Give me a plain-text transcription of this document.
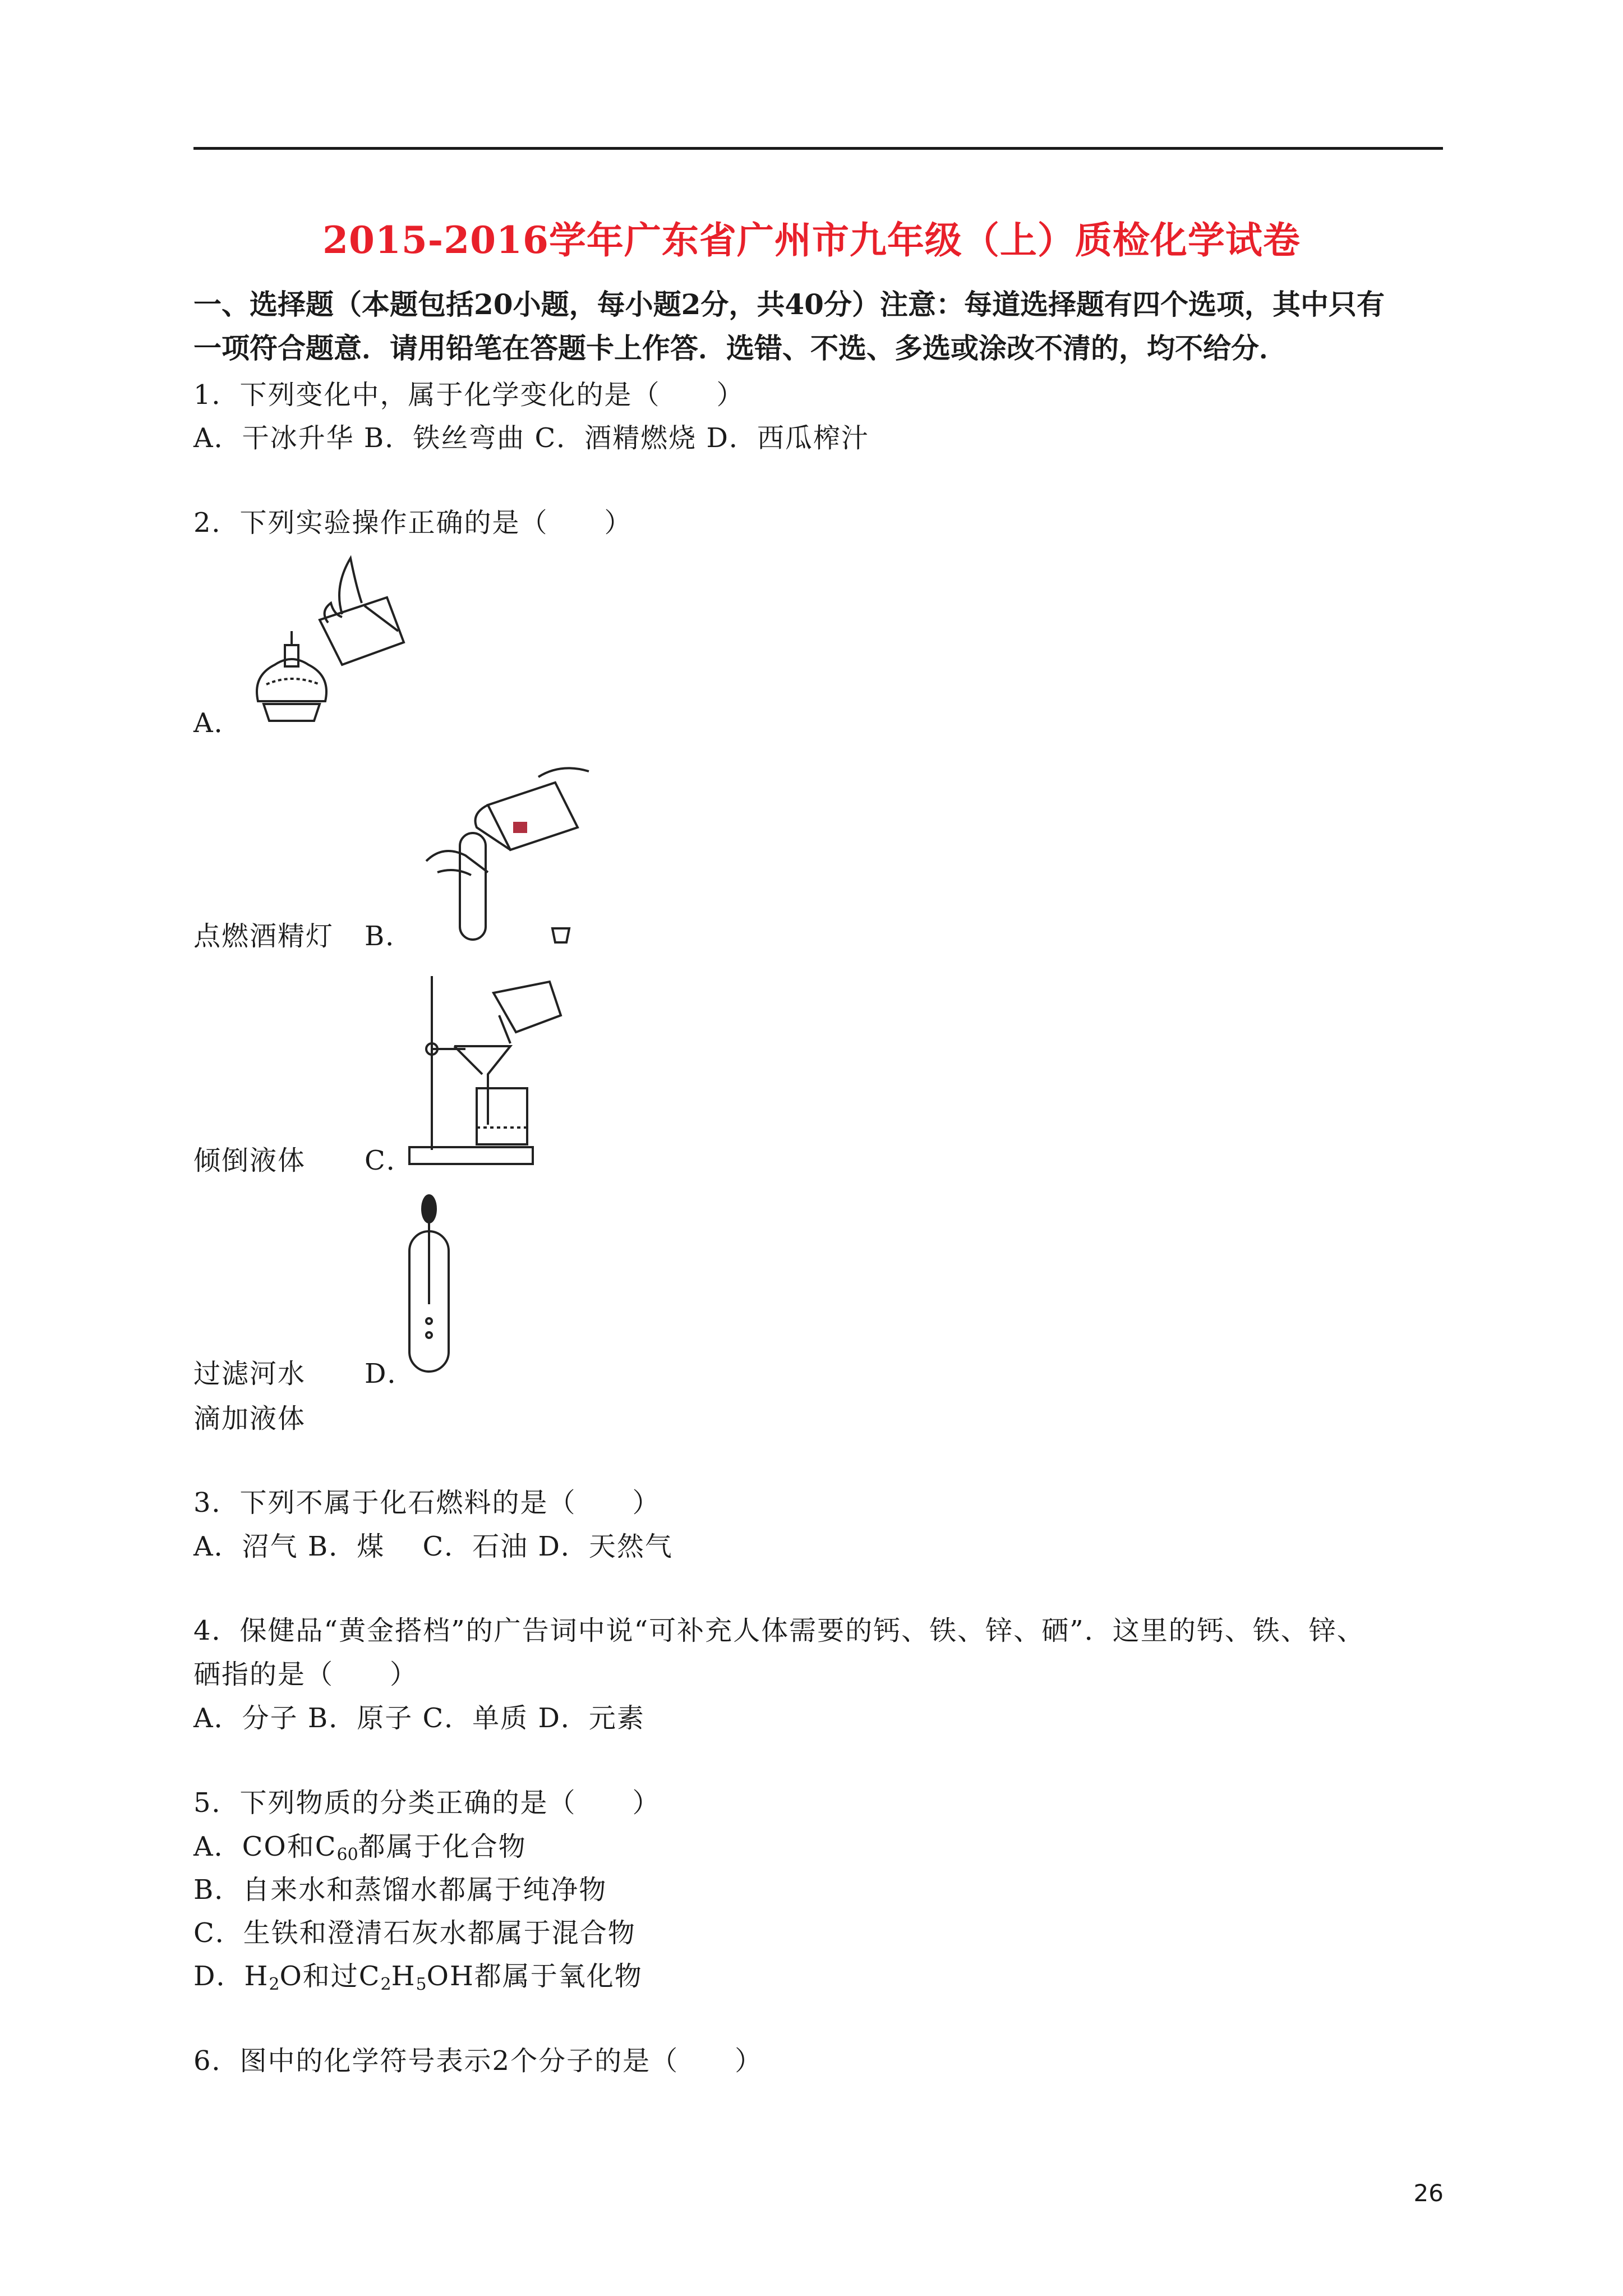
2015-2016学年广东省广州市九年级（上）质检化学试卷
一、选择题（本题包括20小题，每小题2分，共40分）注意：每道选择题有四个选项，其中只有
一项符合题意．请用铅笔在答题卡上作答．选错、不选、多选或涂改不清的，均不给分．
1．下列变化中，属于化学变化的是（　　）
A．干冰升华 B．铁丝弯曲 C．酒精燃烧 D．西瓜榨汁
2．下列实验操作正确的是（　　）
A．
点燃酒精灯 B．
倾倒液体 C．
过滤河水 D．
滴加液体
3．下列不属于化石燃料的是（　　）
A．沼气 B．煤　 C．石油 D．天然气
4．保健品“黄金搭档”的广告词中说“可补充人体需要的钙、铁、锌、硒”．这里的钙、铁、锌、
硒指的是（　　）
A．分子 B．原子 C．单质 D．元素
5．下列物质的分类正确的是（　　）
A．CO和$C_{60}$都属于化合物
B．自来水和蒸馏水都属于纯净物
C．生铁和澄清石灰水都属于混合物
D．$H_2O$和过$C_2H_5OH$都属于氧化物
6．图中的化学符号表示2个分子的是（　　）
26
